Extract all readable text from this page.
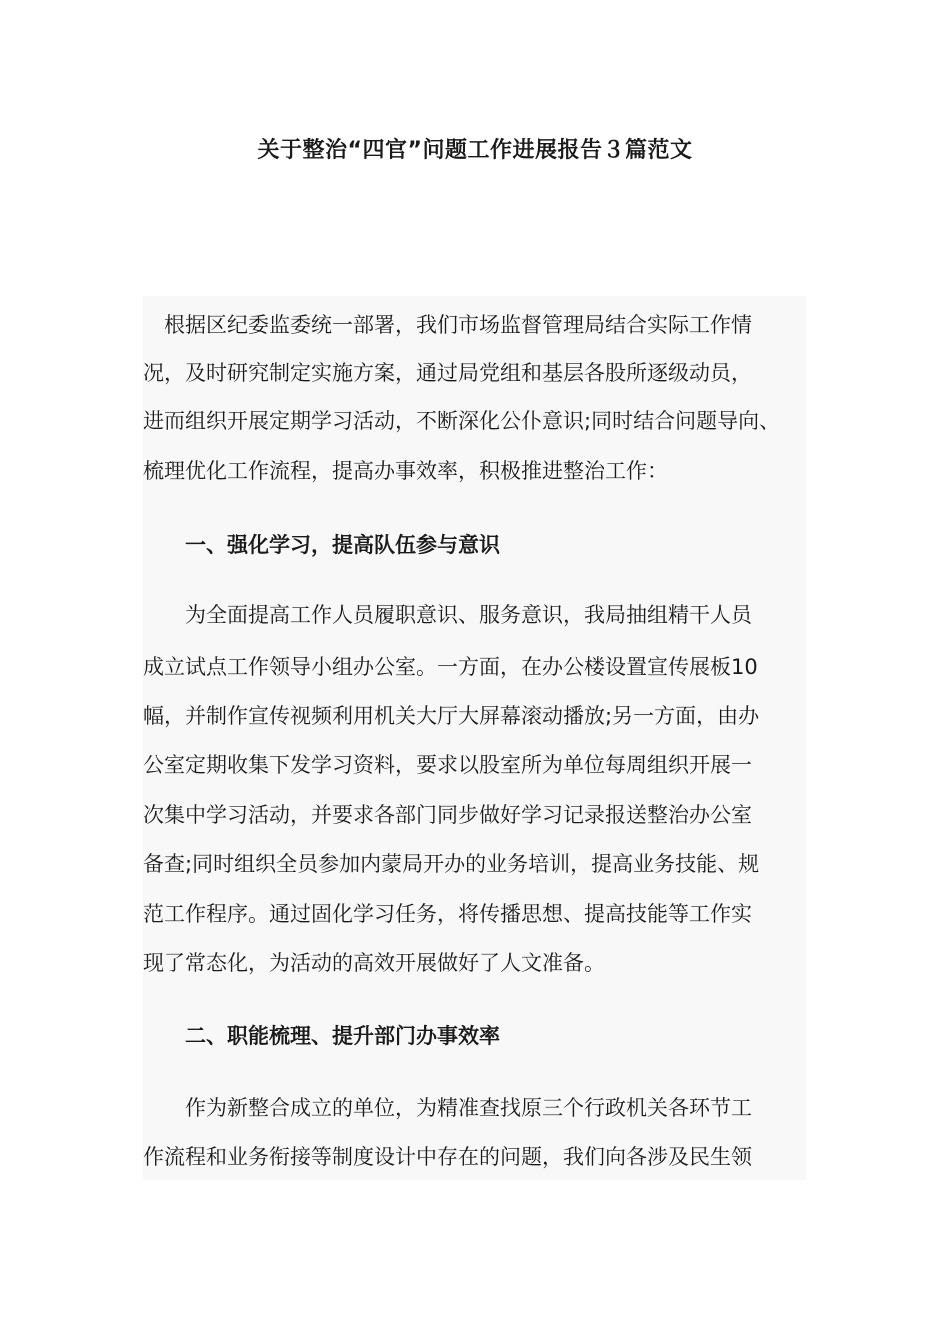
关于整治“四官”问题工作进展报告３篇范文
　根据区纪委监委统一部署，我们市场监督管理局结合实际工作情
况，及时研究制定实施方案，通过局党组和基层各股所逐级动员，
进而组织开展定期学习活动，不断深化公仆意识;同时结合问题导向、
梳理优化工作流程，提高办事效率，积极推进整治工作：
　　一、强化学习，提高队伍参与意识
　　为全面提高工作人员履职意识、服务意识，我局抽组精干人员
成立试点工作领导小组办公室。一方面，在办公楼设置宣传展板10
幅，并制作宣传视频利用机关大厅大屏幕滚动播放;另一方面，由办
公室定期收集下发学习资料，要求以股室所为单位每周组织开展一
次集中学习活动，并要求各部门同步做好学习记录报送整治办公室
备查;同时组织全员参加内蒙局开办的业务培训，提高业务技能、规
范工作程序。通过固化学习任务，将传播思想、提高技能等工作实
现了常态化，为活动的高效开展做好了人文准备。
　　二、职能梳理、提升部门办事效率
　　作为新整合成立的单位，为精准查找原三个行政机关各环节工
作流程和业务衔接等制度设计中存在的问题，我们向各涉及民生领
